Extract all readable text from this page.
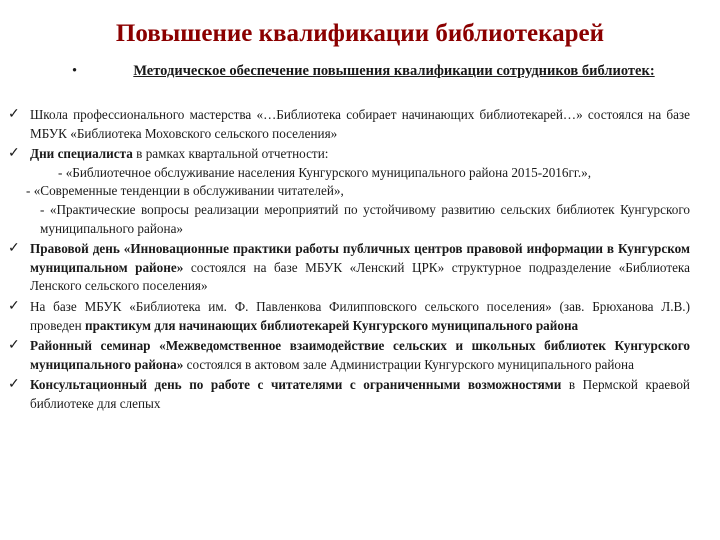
Повышение квалификации библиотекарей
•	Методическое обеспечение повышения квалификации сотрудников библиотек:
✓ Школа профессионального мастерства «…Библиотека собирает начинающих библиотекарей…» состоялся на базе МБУК «Библиотека Моховского сельского поселения»
✓ Дни специалиста в рамках квартальной отчетности:
- «Библиотечное обслуживание населения Кунгурского муниципального района 2015-2016гг.»,
- «Современные тенденции в обслуживании читателей»,
- «Практические вопросы реализации мероприятий по устойчивому развитию сельских библиотек Кунгурского муниципального района»
✓ Правовой день «Инновационные практики работы публичных центров правовой информации в Кунгурском муниципальном районе» состоялся на базе МБУК «Ленский ЦРК» структурное подразделение «Библиотека Ленского сельского поселения»
✓ На базе МБУК «Библиотека им. Ф. Павленкова Филипповского сельского поселения» (зав. Брюханова Л.В.) проведен практикум для начинающих библиотекарей Кунгурского муниципального района
✓ Районный семинар «Межведомственное взаимодействие сельских и школьных библиотек Кунгурского муниципального района» состоялся в актовом зале Администрации Кунгурского муниципального района
✓ Консультационный день по работе с читателями с ограниченными возможностями в Пермской краевой библиотеке для слепых
